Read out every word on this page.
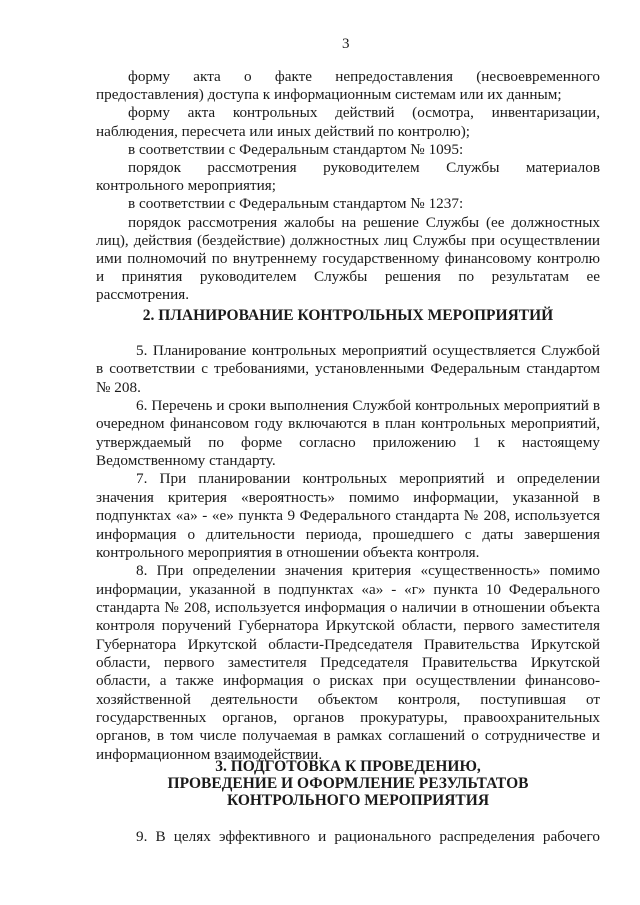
3
форму акта о факте непредоставления (несвоевременного
предоставления) доступа к информационным системам или их данным;
форму акта контрольных действий (осмотра, инвентаризации,
наблюдения, пересчета или иных действий по контролю);
в соответствии с Федеральным стандартом № 1095:
порядок рассмотрения руководителем Службы материалов
контрольного мероприятия;
в соответствии с Федеральным стандартом № 1237:
порядок рассмотрения жалобы на решение Службы (ее должностных
лиц), действия (бездействие) должностных лиц Службы при осуществлении
ими полномочий по внутреннему государственному финансовому контролю
и принятия руководителем Службы решения по результатам ее
рассмотрения.
2. ПЛАНИРОВАНИЕ КОНТРОЛЬНЫХ МЕРОПРИЯТИЙ
5. Планирование контрольных мероприятий осуществляется Службой
в соответствии с требованиями, установленными Федеральным стандартом
№ 208.
6. Перечень и сроки выполнения Службой контрольных мероприятий в
очередном финансовом году включаются в план контрольных мероприятий,
утверждаемый по форме согласно приложению 1 к настоящему
Ведомственному стандарту.
7. При планировании контрольных мероприятий и определении
значения критерия «вероятность» помимо информации, указанной в
подпунктах «а» - «е» пункта 9 Федерального стандарта № 208, используется
информация о длительности периода, прошедшего с даты завершения
контрольного мероприятия в отношении объекта контроля.
8. При определении значения критерия «существенность» помимо
информации, указанной в подпунктах «а» - «г» пункта 10 Федерального
стандарта № 208, используется информация о наличии в отношении объекта
контроля поручений Губернатора Иркутской области, первого заместителя
Губернатора Иркутской области-Председателя Правительства Иркутской
области, первого заместителя Председателя Правительства Иркутской
области, а также информация о рисках при осуществлении финансово-
хозяйственной деятельности объектом контроля, поступившая от
государственных органов, органов прокуратуры, правоохранительных
органов, в том числе получаемая в рамках соглашений о сотрудничестве и
информационном взаимодействии.
3. ПОДГОТОВКА К ПРОВЕДЕНИЮ,
ПРОВЕДЕНИЕ И ОФОРМЛЕНИЕ РЕЗУЛЬТАТОВ
КОНТРОЛЬНОГО МЕРОПРИЯТИЯ
9. В целях эффективного и рационального распределения рабочего
